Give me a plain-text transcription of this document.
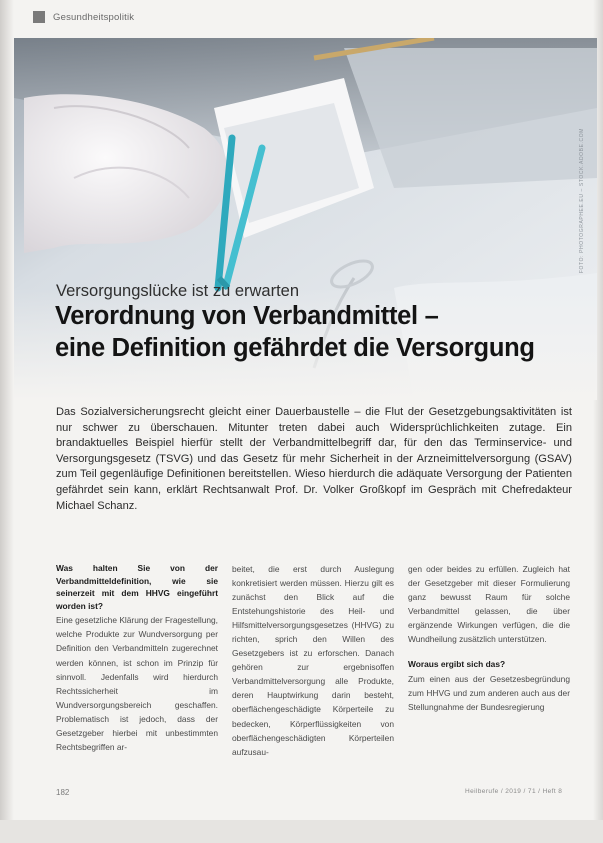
Gesundheitspolitik
FOTO: PHOTOGRAPHEE.EU – STOCK.ADOBE.COM
Versorgungslücke ist zu erwarten
Verordnung von Verbandmittel –
eine Definition gefährdet die Versorgung
Das Sozialversicherungsrecht gleicht einer Dauerbaustelle – die Flut der Gesetzgebungsaktivitäten ist nur schwer zu überschauen. Mitunter treten dabei auch Widersprüchlichkeiten zutage. Ein brandaktuelles Beispiel hierfür stellt der Verbandmittelbegriff dar, für den das Terminservice- und Versorgungsgesetz (TSVG) und das Gesetz für mehr Sicherheit in der Arzneimittelversorgung (GSAV) zum Teil gegenläufige Definitionen bereitstellen. Wieso hierdurch die adäquate Versorgung der Patienten gefährdet sein kann, erklärt Rechtsanwalt Prof. Dr. Volker Großkopf im Gespräch mit Chefredakteur Michael Schanz.

Was halten Sie von der Verbandmitteldefinition, wie sie seinerzeit mit dem HHVG eingeführt worden ist?

Eine gesetzliche Klärung der Fragestellung, welche Produkte zur Wundversorgung per Definition den Verbandmitteln zugerechnet werden können, ist schon im Prinzip für sinnvoll. Jedenfalls wird hierdurch Rechtssicherheit im Wundversorgungsbereich geschaffen. Problematisch ist jedoch, dass der Gesetzgeber hierbei mit unbestimmten Rechtsbegriffen ar-

beitet, die erst durch Auslegung konkretisiert werden müssen. Hierzu gilt es zunächst den Blick auf die Entstehungshistorie des Heil- und Hilfsmittelversorgungsgesetzes (HHVG) zu richten, sprich den Willen des Gesetzgebers ist zu erforschen. Danach gehören zur ergebnisoffen Verbandmittelversorgung alle Produkte, deren Hauptwirkung darin besteht, oberflächengeschädigte Körperteile zu bedecken, Körperflüssigkeiten von oberflächengeschädigten Körperteilen aufzusau-

gen oder beides zu erfüllen. Zugleich hat der Gesetzgeber mit dieser Formulierung ganz bewusst Raum für solche Verbandmittel gelassen, die über ergänzende Wirkungen verfügen, die die Wundheilung zusätzlich unterstützen.

Woraus ergibt sich das?

Zum einen aus der Gesetzesbegründung zum HHVG und zum anderen auch aus der Stellungnahme der Bundesregierung

182	Heilberufe / 2019 / 71 / Heft 8
